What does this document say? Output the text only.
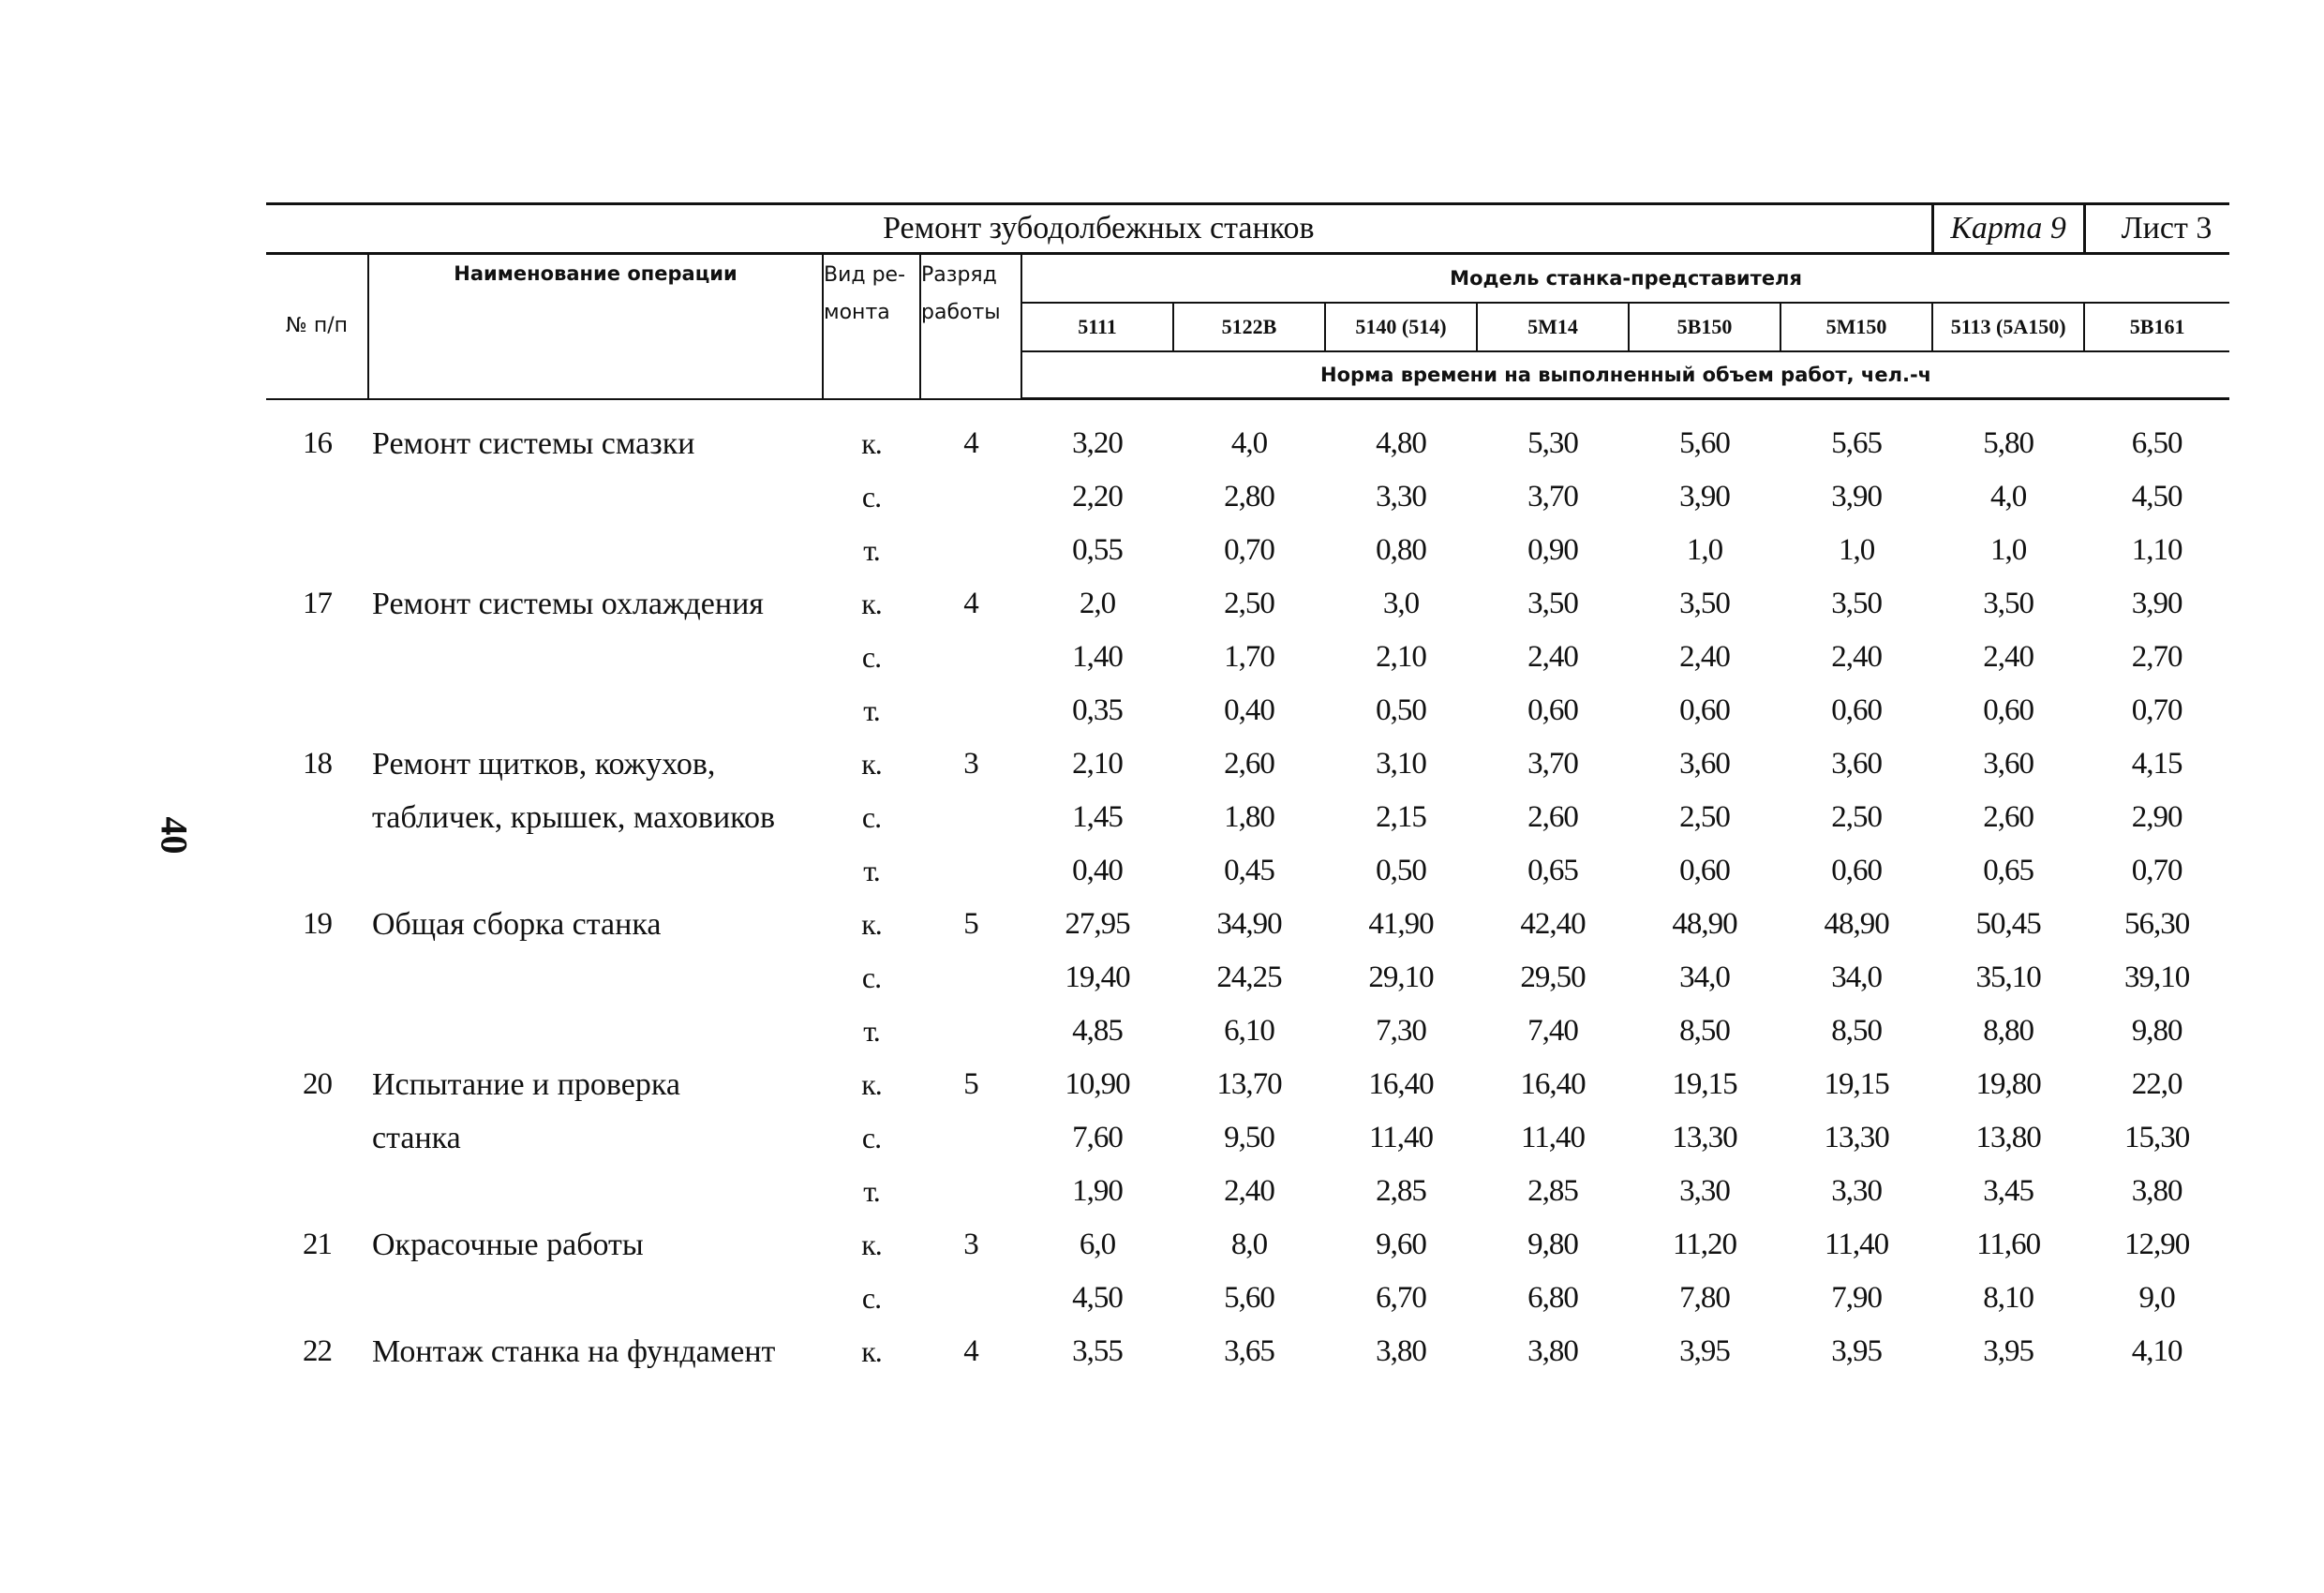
40
Ремонт зубодолбежных станков										Карта 9	Лист 3
№ п/п	Наименование операции	Вид ре-монта	Разряд работы	Модель станка-представителя							
				5111	5122В	5140 (514)	5М14	5В150	5М150	5113 (5А150)	5В161
				Норма времени на выполненный объем работ, чел.-ч							

16	Ремонт системы смазки	к.	4	3,20	4,0	4,80	5,30	5,60	5,65	5,80	6,50
		с.		2,20	2,80	3,30	3,70	3,90	3,90	4,0	4,50
		т.		0,55	0,70	0,80	0,90	1,0	1,0	1,0	1,10
17	Ремонт системы охлаждения	к.	4	2,0	2,50	3,0	3,50	3,50	3,50	3,50	3,90
		с.		1,40	1,70	2,10	2,40	2,40	2,40	2,40	2,70
		т.		0,35	0,40	0,50	0,60	0,60	0,60	0,60	0,70
18	Ремонт щитков, кожухов,	к.	3	2,10	2,60	3,10	3,70	3,60	3,60	3,60	4,15
	табличек, крышек, маховиков	с.		1,45	1,80	2,15	2,60	2,50	2,50	2,60	2,90
		т.		0,40	0,45	0,50	0,65	0,60	0,60	0,65	0,70
19	Общая сборка станка	к.	5	27,95	34,90	41,90	42,40	48,90	48,90	50,45	56,30
		с.		19,40	24,25	29,10	29,50	34,0	34,0	35,10	39,10
		т.		4,85	6,10	7,30	7,40	8,50	8,50	8,80	9,80
20	Испытание и проверка	к.	5	10,90	13,70	16,40	16,40	19,15	19,15	19,80	22,0
	станка	с.		7,60	9,50	11,40	11,40	13,30	13,30	13,80	15,30
		т.		1,90	2,40	2,85	2,85	3,30	3,30	3,45	3,80
21	Окрасочные работы	к.	3	6,0	8,0	9,60	9,80	11,20	11,40	11,60	12,90
		с.		4,50	5,60	6,70	6,80	7,80	7,90	8,10	9,0
22	Монтаж станка на фундамент	к.	4	3,55	3,65	3,80	3,80	3,95	3,95	3,95	4,10
